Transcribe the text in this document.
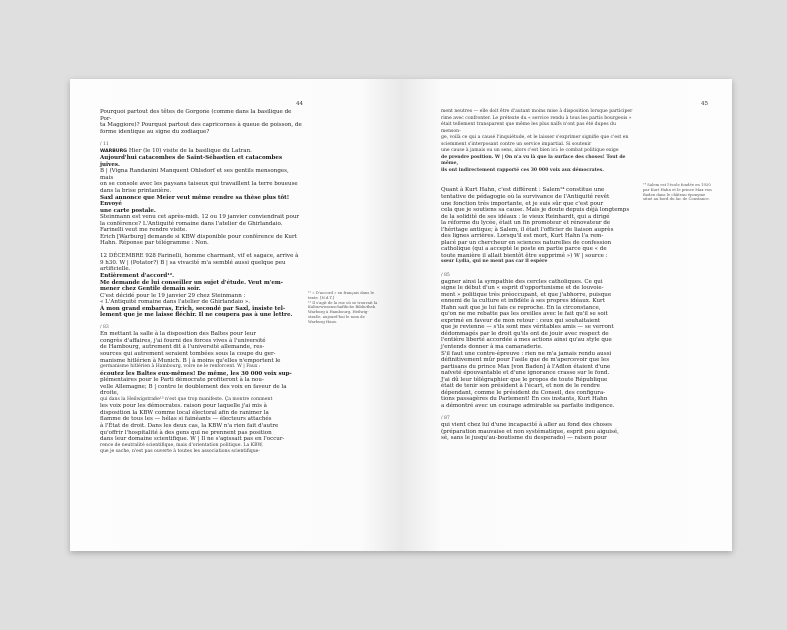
44

Pourquoi partout des têtes de Gorgone (comme dans la basilique de Por-

ta Maggiore)? Pourquoi partout des capricornes à queue de poisson, de

forme identique au signe du zodiaque?

/ 11

WARBURG Hier (le 10) visite de la basilique du Latran.

Aujourd'hui catacombes de Saint-Sébastien et catacombes juives.

B | (Vigna Randanini Manquent Ohlsdorf et ses gentils mensonges, mais

on se console avec les paysans taiseux qui travaillent la terre boueuse

dans la brise printanière.

Saxl annonce que Meier veut même rendre sa thèse plus tôt! Envoyé

une carte postale.

Steinmann est venu cet après-midi. 12 ou 19 janvier conviendrait pour

la conférence? L'Antiquité romaine dans l'atelier de Ghirlandaio.

Farinelli veut me rendre visite.

Erich [Warburg] demande si KBW disponible pour conférence de Kurt

Hahn. Réponse par télégramme : Non.

12 DÉCEMBRE 928 Farinelli, homme charmant, vif et sagace, arrive à

9 h30. W | (Potator?) B | sa vivacité m'a semblé aussi quelque peu artificielle.

Entièrement d'accord¹².

Me demande de lui conseiller un sujet d'étude. Veut m'em-

mener chez Gentile demain soir.

C'est décidé pour le 19 janvier 29 chez Steinmann :

« L'Antiquité romaine dans l'atelier de Ghirlandaio ».

À mon grand embarras, Erich, secondé par Saxl, insiste tel-

lement que je me laisse fléchir. Il ne coupera pas à une lettre.

/ 83

En mettant la salle à la disposition des Baltes pour leur

congrès d'affaires, j'ai fourni des forces vives à l'université

de Hambourg, autrement dit à l'université allemande, res-

sources qui autrement seraient tombées sous la coupe du ger-

manisme hitlérien à Munich. B | à moins qu'elles n'emportent le

germanisme hitlérien à Hambourg, voire ne le renforcent. W | Faux :

écoutez les Baltes eux-mêmes! De même, les 30 000 voix sup-

plémentaires pour le Parti démocrate profiteront à la nou-

velle Allemagne; B | contre le doublement des voix en faveur de la droite,

qui dans la Heilwigstraße¹³ n'est que trop manifeste. Ça montre comment

les voix pour les démocrates. raison pour laquelle j'ai mis à

disposition la KBW comme local électoral afin de ranimer la

flamme de tous les — hélas si fainéants — électeurs attachés

à l'État de droit. Dans les deux cas, la KBW n'a rien fait d'autre

qu'offrir l'hospitalité à des gens qui ne prennent pas position

dans leur domaine scientifique. W | Il ne s'agissait pas en l'occur-

rence de neutralité scientifique, mais d'orientation politique. La KBW,

que je sache, n'est pas ouverte à toutes les associations scientifique-

¹² « D'accord » en français dans le
texte. [N.d.T.]
¹³ Il s'agit de la rue où se trouvait la
Kulturwissenschaftliche Bibliothek
Warburg à Hambourg, Heilwig-
straße, aujourd'hui le nom de
Warburg Haus.
45

ment neutres — elle doit être d'autant moins mise à disposition lorsque participer

rime avec confronter. Le prétexte du « service rendu à tous les partis bourgeois »

était tellement transparent que même les plus naïfs n'ont pas été dupes du menson-

ge, voilà ce qui a causé l'inquiétude, et le laisser s'exprimer signifie que c'est en

sciemment s'interposant contre un service impartial. Si soutenir

une cause à jamais ou un sens, alors c'est bien ici: le combat politique exige

de prendre position. W | On n'a vu là que la surface des choses! Tout de même,

ils ont indirectement rapporté ces 30 000 voix aux démocrates.

Quant à Kurt Hahn, c'est différent : Salem¹⁴ constitue une

tentative de pédagogie où la survivance de l'Antiquité revêt

une fonction très importante, et je suis sûr que c'est pour

cela que je soutiens sa cause. Mais je doute depuis déjà longtemps

de la solidité de ses idéaux : le vieux Reinhardt, qui a dirigé

la réforme du lycée, était un fin promoteur et rénovateur de

l'héritage antique; à Salem, il était l'officier de liaison auprès

des lignes arrières. Lorsqu'il est mort, Kurt Hahn l'a rem-

placé par un chercheur en sciences naturelles de confession

catholique (qui a accepté le poste en partie parce que « de

toute manière il allait bientôt être supprimé ») W | source :

sœur Lydia, qui ne ment pas car il espère

/ 85

gagner ainsi la sympathie des cercles catholiques. Ce qui

signe le début d'un « esprit d'opportunisme et de louvoie-

ment » politique très préoccupant, et que j'abhorre, puisque

ennemi de la culture et infidèle à ses propres idéaux. Kurt

Hahn sait que je lui fais ce reproche. En la circonstance,

qu'on ne me rebatte pas les oreilles avec le fait qu'il se soit

exprimé en faveur de mon retour : ceux qui souhaitaient

que je revienne — s'ils sont mes véritables amis — se verront

dédommagés par le droit qu'ils ont de jouir avec respect de

l'entière liberté accordée à mes actions ainsi qu'au style que

j'entends donner à ma camaraderie.

S'il faut une contre-épreuve : rien ne m'a jamais rendu aussi

définitivement mûr pour l'asile que de m'apercevoir que les

partisans du prince Max [von Baden] à l'Adlon étaient d'une

naïveté épouvantable et d'une ignorance crasse sur le fond.

J'ai dû leur télégraphier que le propos de toute République

était de tenir son président à l'écart, et non de le rendre

dépendant, comme le président du Conseil, des configura-

tions passagères du Parlement! En ces instants, Kurt Hahn

a démontré avec un courage admirable sa parfaite indigence.

/ 87

qui vient chez lui d'une incapacité à aller au fond des choses

(préparation mauvaise et non systématique, esprit peu aiguisé,

sé, sans le jusqu'au-boutisme du desperado) — raison pour

¹⁴ Salem est l'école fondée en 1920
par Kurt Hahn et le prince Max von
Baden dans le château éponyme
situé au bord du lac de Constance.
